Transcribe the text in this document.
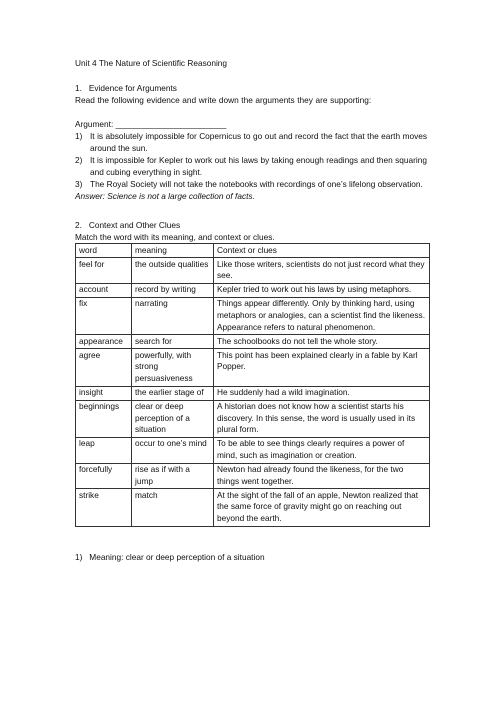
Unit 4 The Nature of Scientific Reasoning
1.   Evidence for Arguments
Read the following evidence and write down the arguments they are supporting:
Argument: ________________________
1) It is absolutely impossible for Copernicus to go out and record the fact that the earth moves around the sun.
2) It is impossible for Kepler to work out his laws by taking enough readings and then squaring and cubing everything in sight.
3) The Royal Society will not take the notebooks with recordings of one’s lifelong observation.
Answer: Science is not a large collection of facts.
2.   Context and Other Clues
Match the word with its meaning, and context or clues.
word	meaning	Context or clues
feel for	the outside qualities	Like those writers, scientists do not just record what they see.
account	record by writing	Kepler tried to work out his laws by using metaphors.
fix	narrating	Things appear differently. Only by thinking hard, using metaphors or analogies, can a scientist find the likeness. Appearance refers to natural phenomenon.
appearance	search for	The schoolbooks do not tell the whole story.
agree	powerfully, with strong persuasiveness	This point has been explained clearly in a fable by Karl Popper.
insight	the earlier stage of	He suddenly had a wild imagination.
beginnings	clear or deep perception of a situation	A historian does not know how a scientist starts his discovery. In this sense, the word is usually used in its plural form.
leap	occur to one’s mind	To be able to see things clearly requires a power of mind, such as imagination or creation.
forcefully	rise as if with a jump	Newton had already found the likeness, for the two things went together.
strike	match	At the sight of the fall of an apple, Newton realized that the same force of gravity might go on reaching out beyond the earth.
1)   Meaning: clear or deep perception of a situation
